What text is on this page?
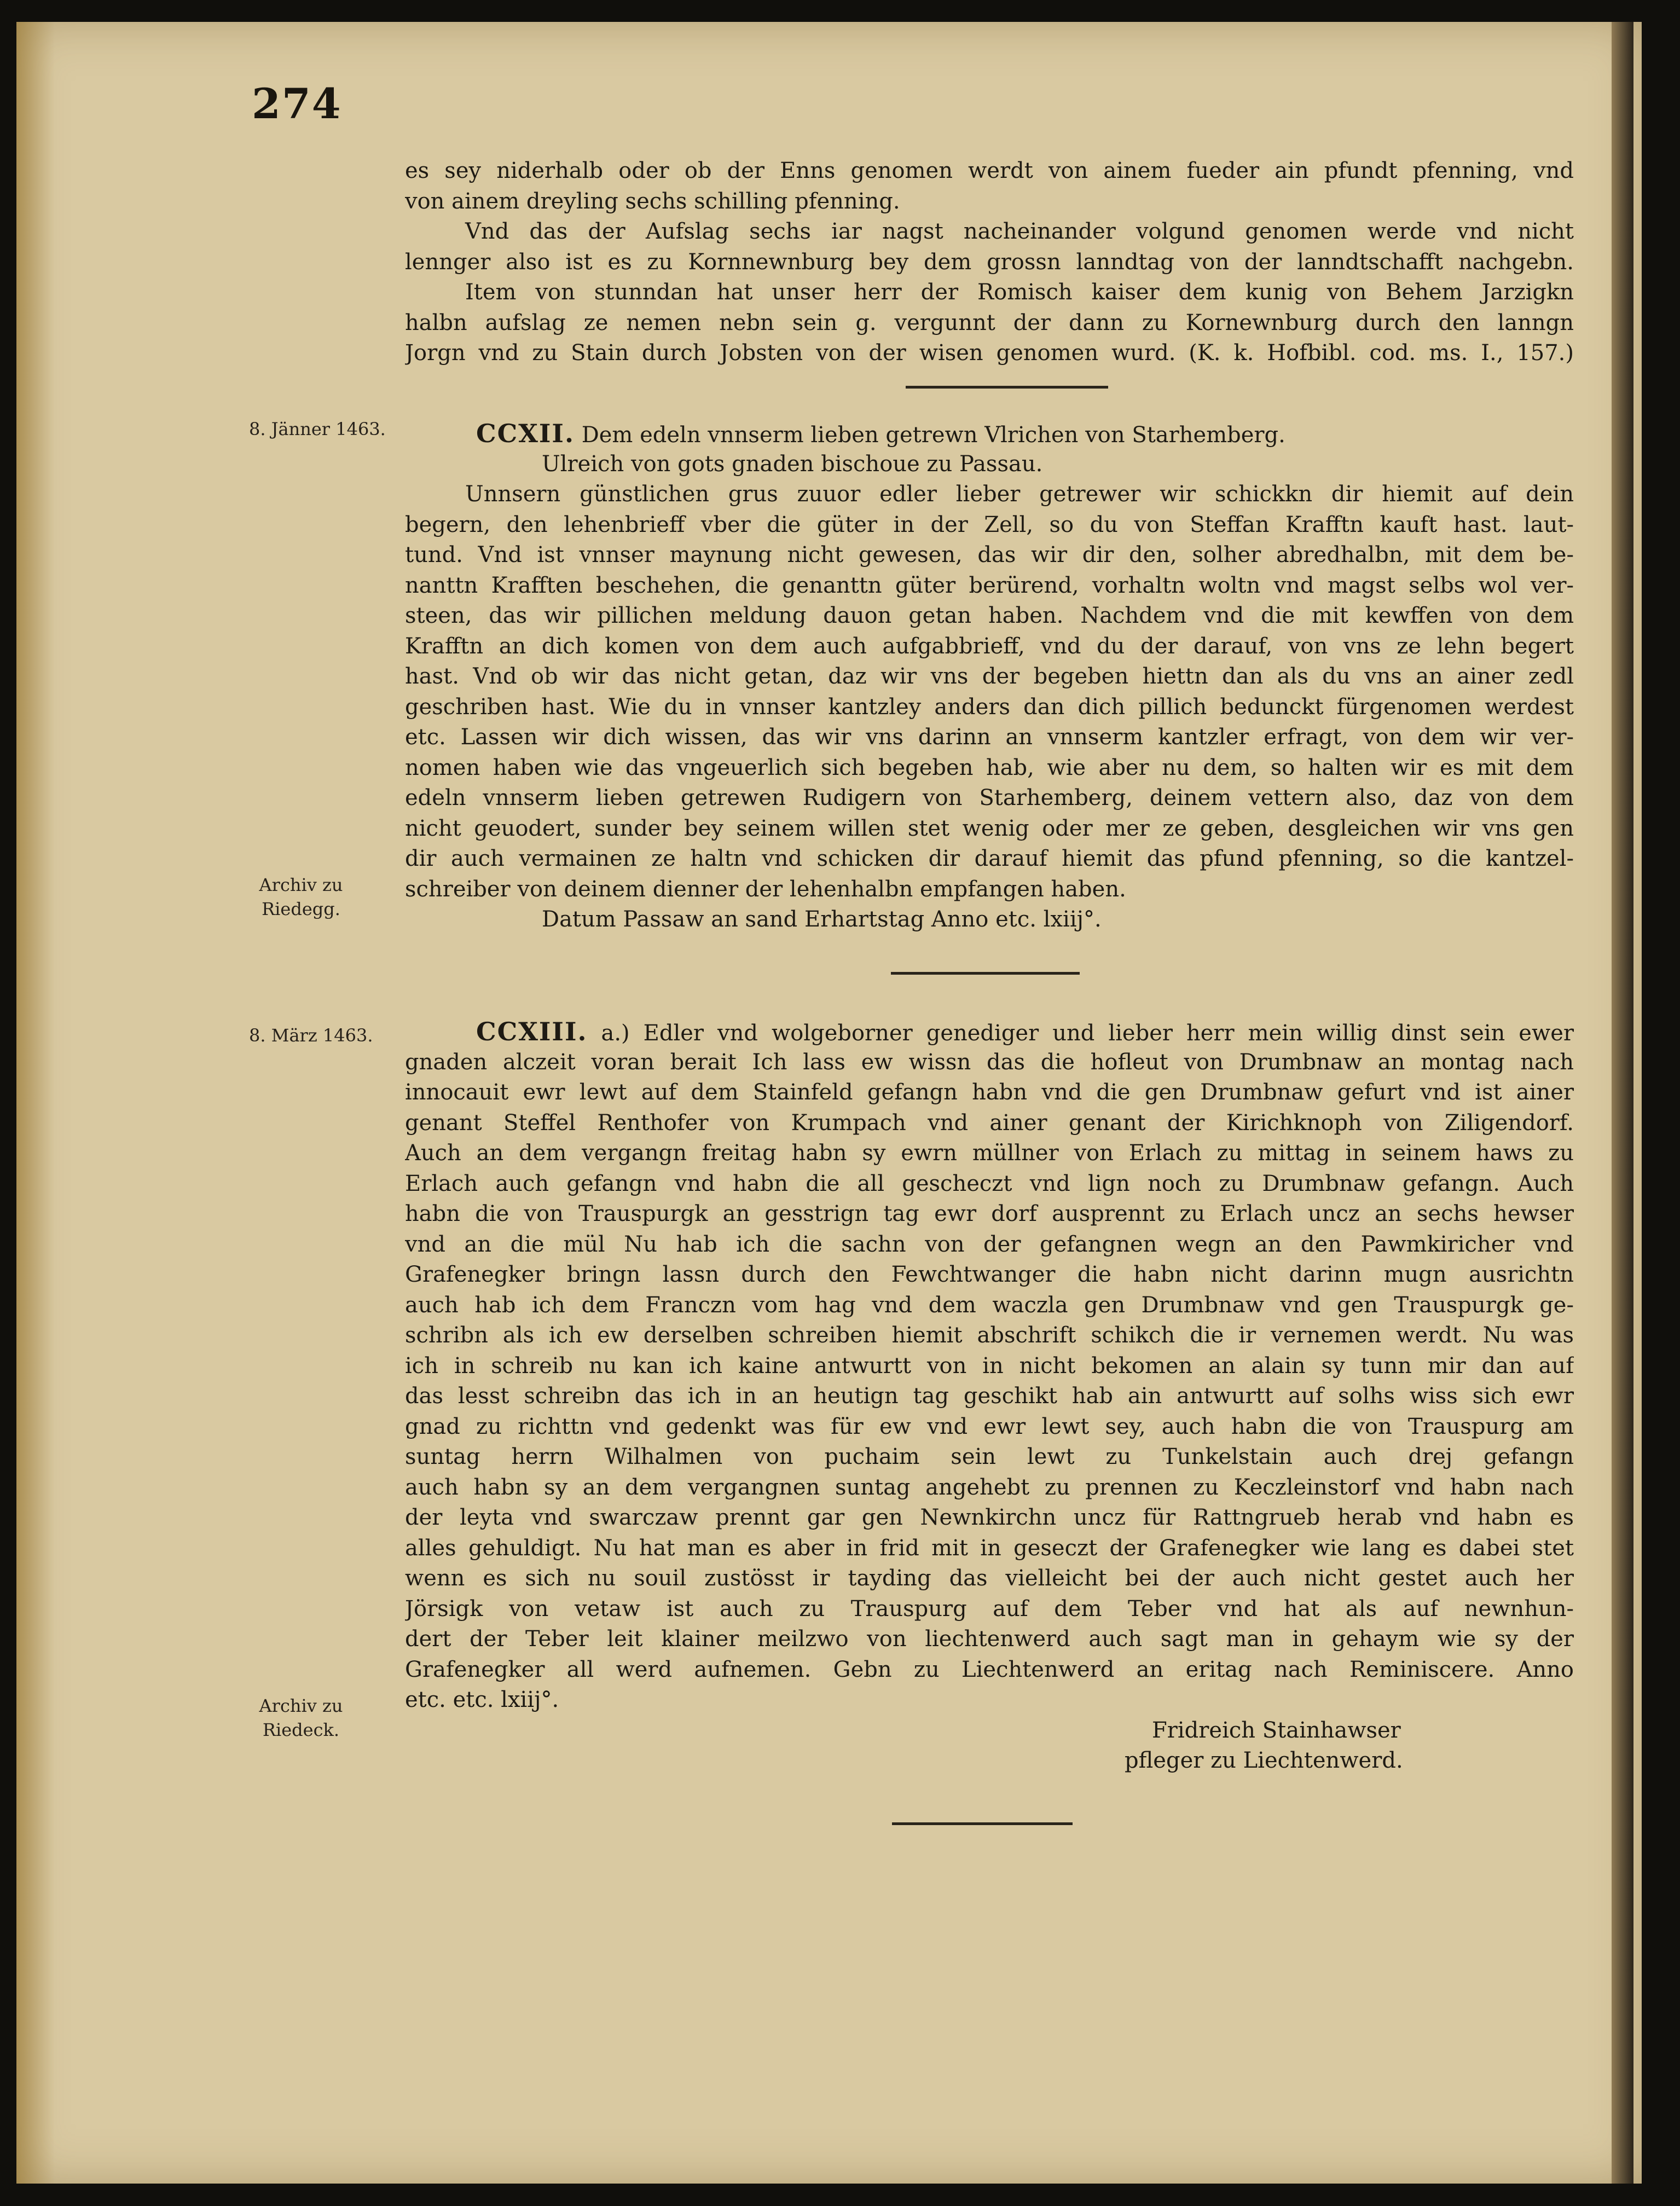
274
es sey niderhalb oder ob der Enns genomen werdt von ainem fueder ain pfundt pfenning, vnd
von ainem dreyling sechs schilling pfenning.
Vnd das der Aufslag sechs iar nagst nacheinander volgund genomen werde vnd nicht
lennger also ist es zu Kornnewnburg bey dem grossn lanndtag von der lanndtschafft nachgebn.
Item von stunndan hat unser herr der Romisch kaiser dem kunig von Behem Jarzigkn
halbn aufslag ze nemen nebn sein g. vergunnt der dann zu Kornewnburg durch den lanngn
Jorgn vnd zu Stain durch Jobsten von der wisen genomen wurd. (K. k. Hofbibl. cod. ms. I., 157.)
8. Jänner 1463.	CCXII. Dem edeln vnnserm lieben getrewn Vlrichen von Starhemberg.
Ulreich von gots gnaden bischoue zu Passau.
Unnsern günstlichen grus zuuor edler lieber getrewer wir schickkn dir hiemit auf dein
begern, den lehenbrieff vber die güter in der Zell, so du von Steffan Krafftn kauft hast. laut-
tund. Vnd ist vnnser maynung nicht gewesen, das wir dir den, solher abredhalbn, mit dem be-
nanttn Krafften beschehen, die genanttn güter berürend, vorhaltn woltn vnd magst selbs wol ver-
steen, das wir pillichen meldung dauon getan haben. Nachdem vnd die mit kewffen von dem
Krafftn an dich komen von dem auch aufgabbrieff, vnd du der darauf, von vns ze lehn begert
hast. Vnd ob wir das nicht getan, daz wir vns der begeben hiettn dan als du vns an ainer zedl
geschriben hast. Wie du in vnnser kantzley anders dan dich pillich bedunckt fürgenomen werdest
etc. Lassen wir dich wissen, das wir vns darinn an vnnserm kantzler erfragt, von dem wir ver-
nomen haben wie das vngeuerlich sich begeben hab, wie aber nu dem, so halten wir es mit dem
edeln vnnserm lieben getrewen Rudigern von Starhemberg, deinem vettern also, daz von dem
nicht geuodert, sunder bey seinem willen stet wenig oder mer ze geben, desgleichen wir vns gen
dir auch vermainen ze haltn vnd schicken dir darauf hiemit das pfund pfenning, so die kantzel-
schreiber von deinem dienner der lehenhalbn empfangen haben.
Datum Passaw an sand Erhartstag Anno etc. lxiij°.
Archiv zu
Riedegg.
8. März 1463.	CCXIII. a.) Edler vnd wolgeborner genediger und lieber herr mein willig dinst sein ewer
gnaden alczeit voran berait Ich lass ew wissn das die hofleut von Drumbnaw an montag nach
innocauit ewr lewt auf dem Stainfeld gefangn habn vnd die gen Drumbnaw gefurt vnd ist ainer
genant Steffel Renthofer von Krumpach vnd ainer genant der Kirichknoph von Ziligendorf.
Auch an dem vergangn freitag habn sy ewrn müllner von Erlach zu mittag in seinem haws zu
Erlach auch gefangn vnd habn die all gescheczt vnd lign noch zu Drumbnaw gefangn. Auch
habn die von Trauspurgk an gesstrign tag ewr dorf ausprennt zu Erlach uncz an sechs hewser
vnd an die mül Nu hab ich die sachn von der gefangnen wegn an den Pawmkiricher vnd
Grafenegker bringn lassn durch den Fewchtwanger die habn nicht darinn mugn ausrichtn
auch hab ich dem Franczn vom hag vnd dem waczla gen Drumbnaw vnd gen Trauspurgk ge-
schribn als ich ew derselben schreiben hiemit abschrift schikch die ir vernemen werdt. Nu was
ich in schreib nu kan ich kaine antwurtt von in nicht bekomen an alain sy tunn mir dan auf
das lesst schreibn das ich in an heutign tag geschikt hab ain antwurtt auf solhs wiss sich ewr
gnad zu richttn vnd gedenkt was für ew vnd ewr lewt sey, auch habn die von Trauspurg am
suntag herrn Wilhalmen von puchaim sein lewt zu Tunkelstain auch drej gefangn
auch habn sy an dem vergangnen suntag angehebt zu prennen zu Keczleinstorf vnd habn nach
der leyta vnd swarczaw prennt gar gen Newnkirchn uncz für Rattngrueb herab vnd habn es
alles gehuldigt. Nu hat man es aber in frid mit in geseczt der Grafenegker wie lang es dabei stet
wenn es sich nu souil zustösst ir tayding das vielleicht bei der auch nicht gestet auch her
Jörsigk von vetaw ist auch zu Trauspurg auf dem Teber vnd hat als auf newnhun-
dert der Teber leit klainer meilzwo von liechtenwerd auch sagt man in gehaym wie sy der
Grafenegker all werd aufnemen. Gebn zu Liechtenwerd an eritag nach Reminiscere. Anno
etc. etc. lxiij°.
Fridreich Stainhawser
pfleger zu Liechtenwerd.
Archiv zu
Riedeck.
